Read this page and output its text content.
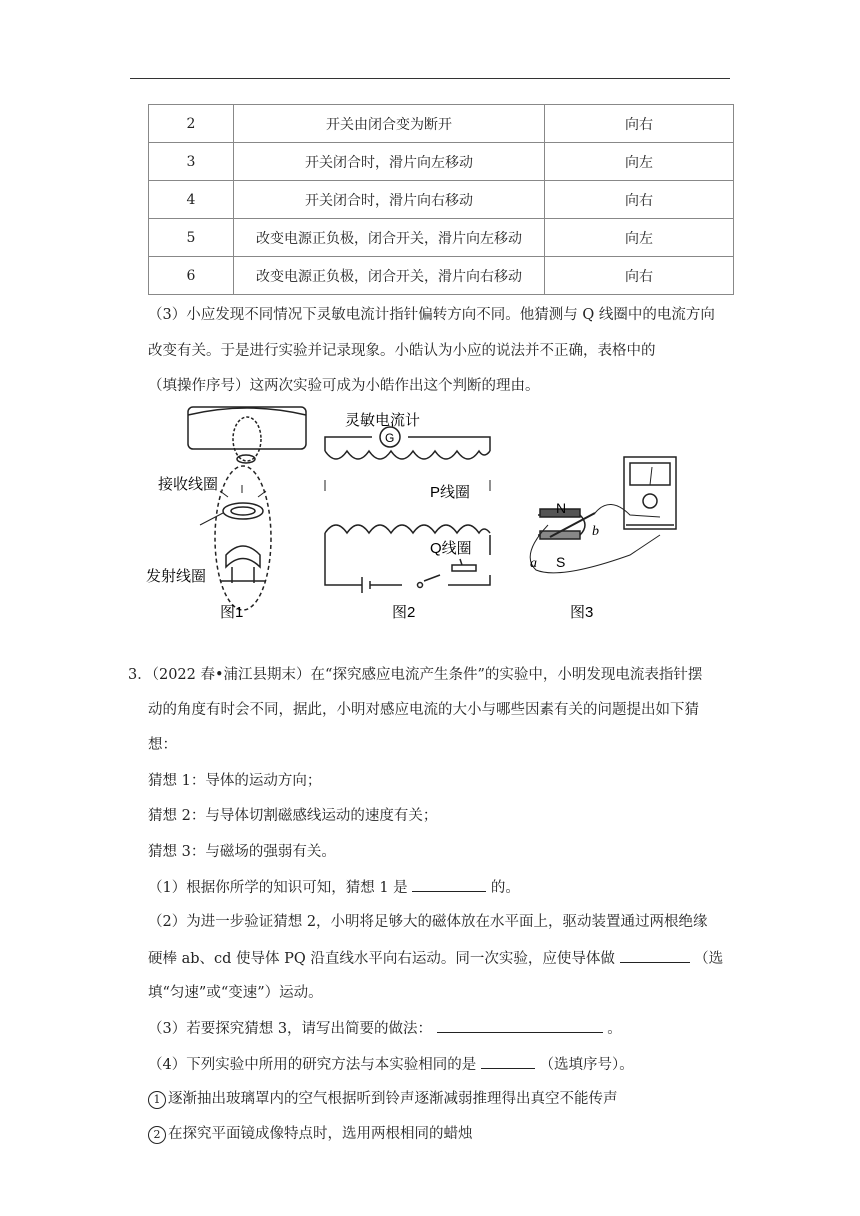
2	开关由闭合变为断开	向右
3	开关闭合时，滑片向左移动	向左
4	开关闭合时，滑片向右移动	向右
5	改变电源正负极，闭合开关，滑片向左移动	向左
6	改变电源正负极，闭合开关，滑片向右移动	向右
（3）小应发现不同情况下灵敏电流计指针偏转方向不同。他猜测与 Q 线圈中的电流方向
改变有关。于是进行实验并记录现象。小皓认为小应的说法并不正确，表格中的
（填操作序号）这两次实验可成为小皓作出这个判断的理由。
接收线圈
发射线圈
图1
灵敏电流计
G
P线圈
Q线圈
图2
N
S
a
b
图3
3．（2022 春•浦江县期末）在“探究感应电流产生条件”的实验中，小明发现电流表指针摆
动的角度有时会不同，据此，小明对感应电流的大小与哪些因素有关的问题提出如下猜
想：
猜想 1：导体的运动方向；
猜想 2：与导体切割磁感线运动的速度有关；
猜想 3：与磁场的强弱有关。
（1）根据你所学的知识可知，猜想 1 是	的。
（2）为进一步验证猜想 2，小明将足够大的磁体放在水平面上，驱动装置通过两根绝缘
硬棒 ab、cd 使导体 PQ 沿直线水平向右运动。同一次实验，应使导体做	（选
填“匀速”或“变速”）运动。
（3）若要探究猜想 3，请写出简要的做法：	。
（4）下列实验中所用的研究方法与本实验相同的是	（选填序号）。
1 逐渐抽出玻璃罩内的空气根据听到铃声逐渐减弱推理得出真空不能传声
2 在探究平面镜成像特点时，选用两根相同的蜡烛
